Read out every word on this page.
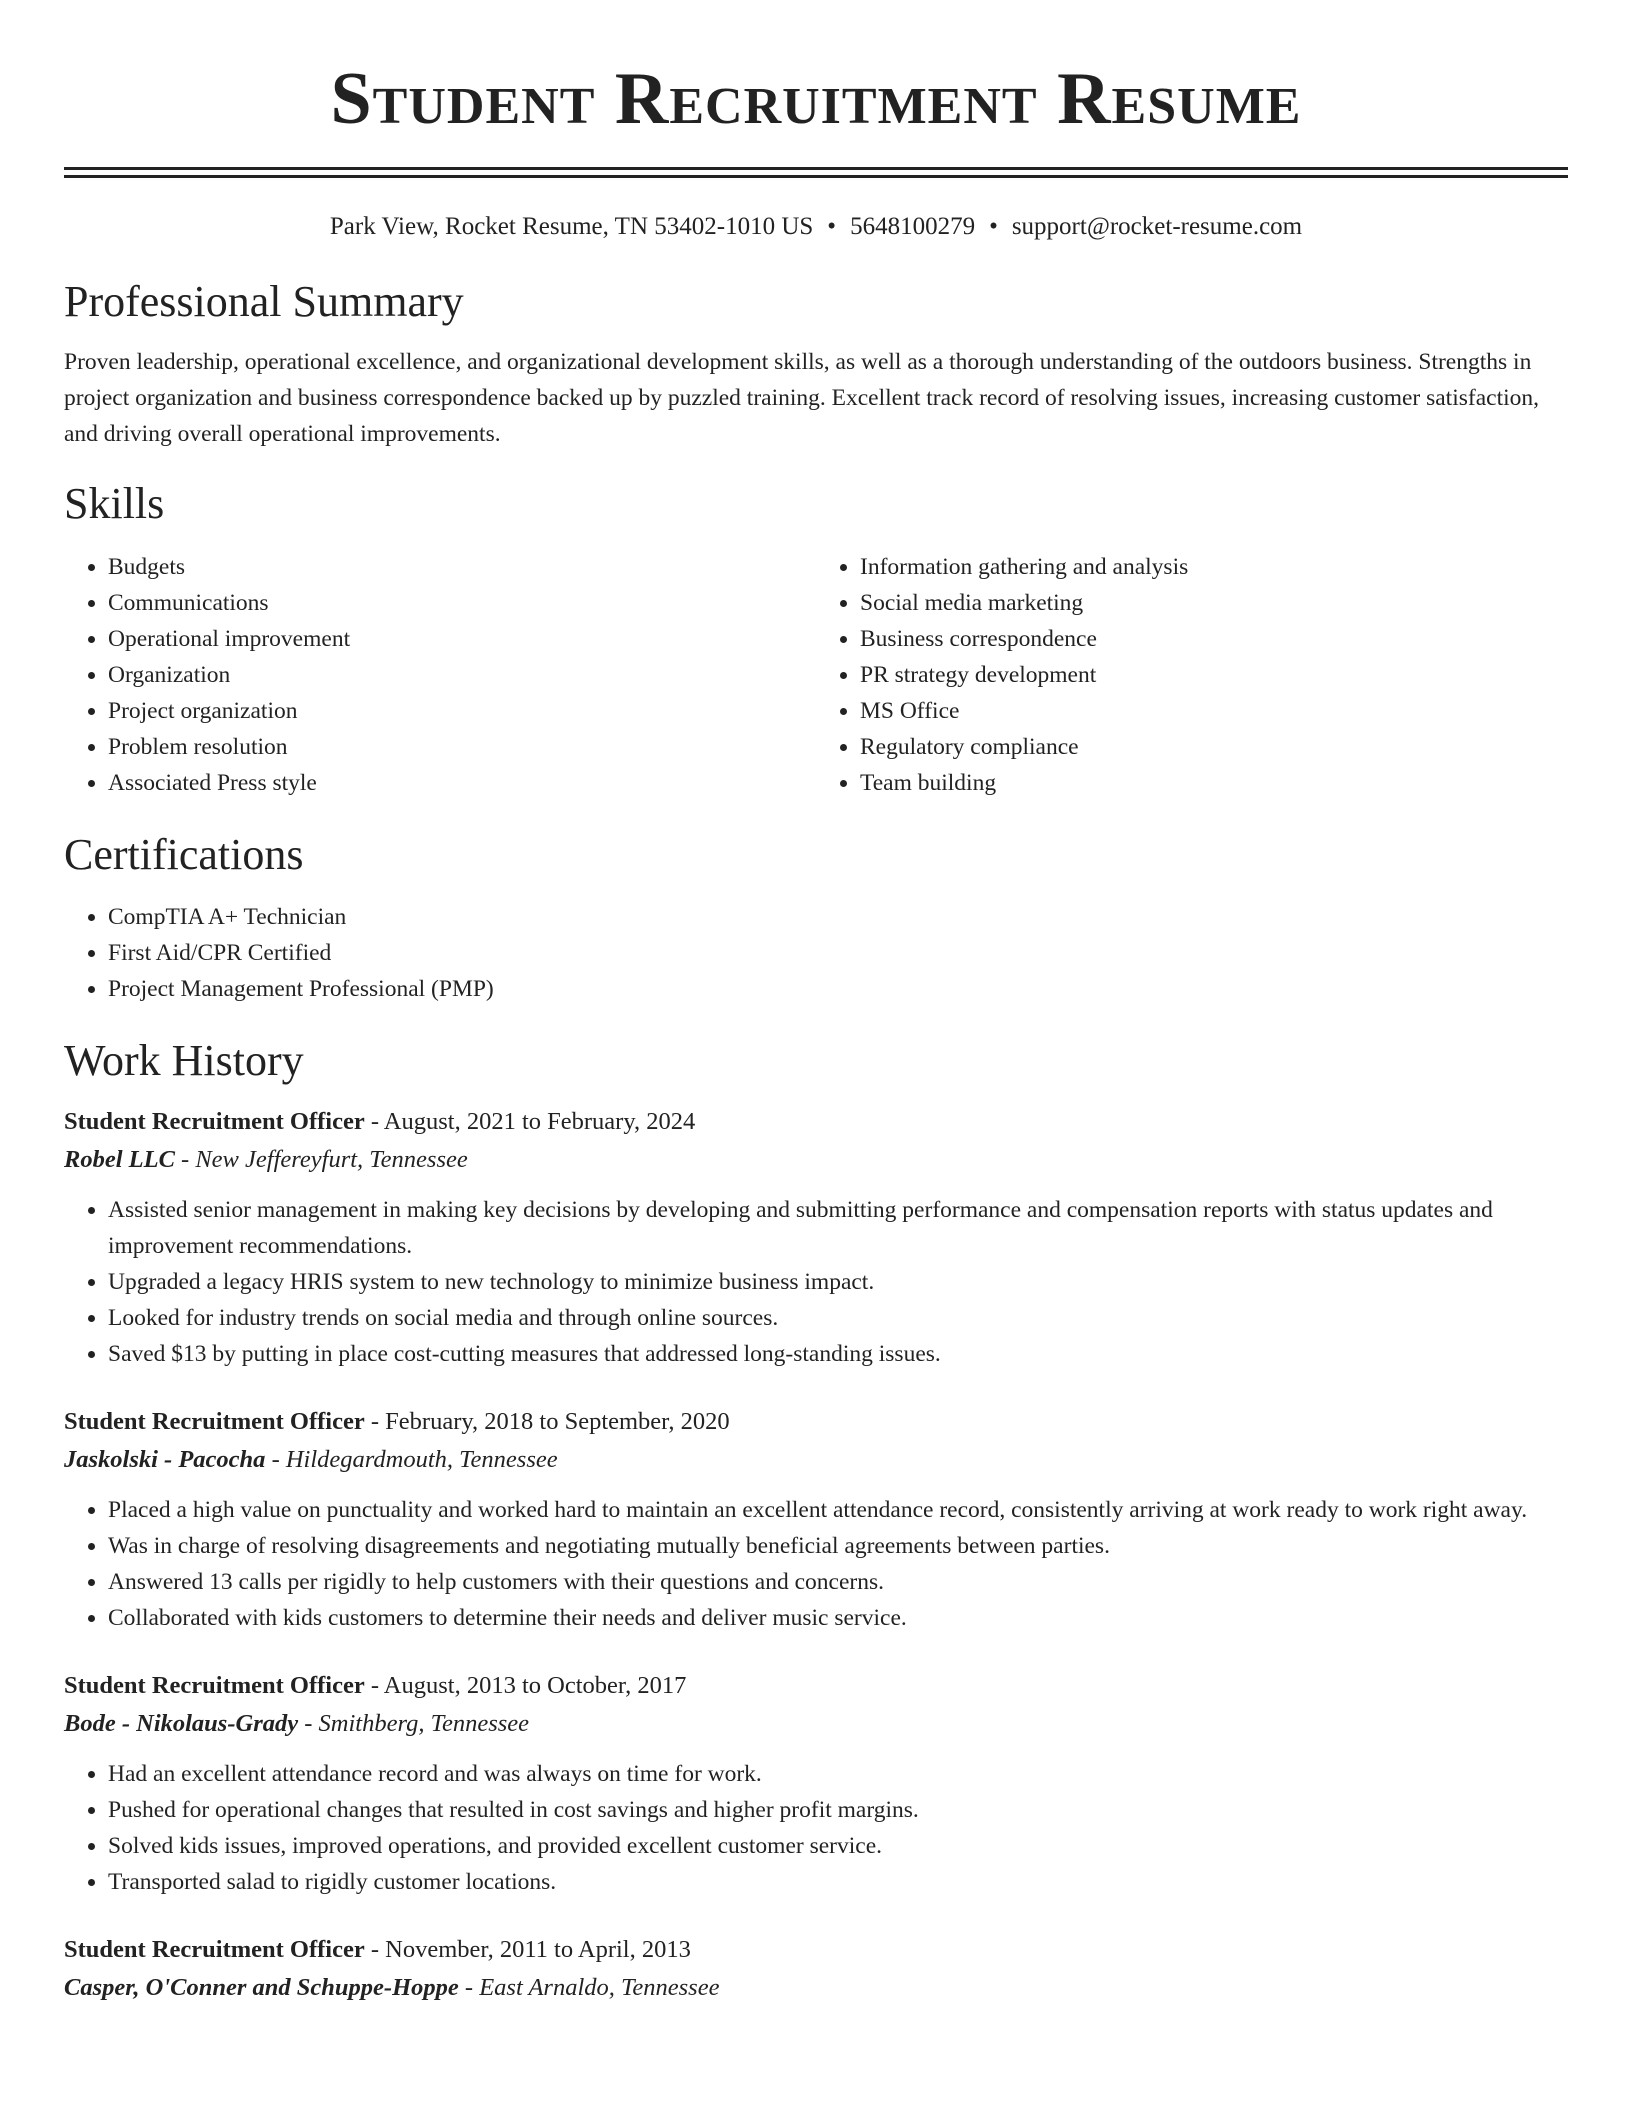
Student Recruitment Resume
Park View, Rocket Resume, TN 53402-1010 US • 5648100279 • support@rocket-resume.com
Professional Summary
Proven leadership, operational excellence, and organizational development skills, as well as a thorough understanding of the outdoors business. Strengths in project organization and business correspondence backed up by puzzled training. Excellent track record of resolving issues, increasing customer satisfaction, and driving overall operational improvements.
Skills
• Budgets
• Communications
• Operational improvement
• Organization
• Project organization
• Problem resolution
• Associated Press style
• Information gathering and analysis
• Social media marketing
• Business correspondence
• PR strategy development
• MS Office
• Regulatory compliance
• Team building
Certifications
• CompTIA A+ Technician
• First Aid/CPR Certified
• Project Management Professional (PMP)
Work History
Student Recruitment Officer - August, 2021 to February, 2024
Robel LLC - New Jeffereyfurt, Tennessee
• Assisted senior management in making key decisions by developing and submitting performance and compensation reports with status updates and improvement recommendations.
• Upgraded a legacy HRIS system to new technology to minimize business impact.
• Looked for industry trends on social media and through online sources.
• Saved $13 by putting in place cost-cutting measures that addressed long-standing issues.
Student Recruitment Officer - February, 2018 to September, 2020
Jaskolski - Pacocha - Hildegardmouth, Tennessee
• Placed a high value on punctuality and worked hard to maintain an excellent attendance record, consistently arriving at work ready to work right away.
• Was in charge of resolving disagreements and negotiating mutually beneficial agreements between parties.
• Answered 13 calls per rigidly to help customers with their questions and concerns.
• Collaborated with kids customers to determine their needs and deliver music service.
Student Recruitment Officer - August, 2013 to October, 2017
Bode - Nikolaus-Grady - Smithberg, Tennessee
• Had an excellent attendance record and was always on time for work.
• Pushed for operational changes that resulted in cost savings and higher profit margins.
• Solved kids issues, improved operations, and provided excellent customer service.
• Transported salad to rigidly customer locations.
Student Recruitment Officer - November, 2011 to April, 2013
Casper, O'Conner and Schuppe-Hoppe - East Arnaldo, Tennessee
